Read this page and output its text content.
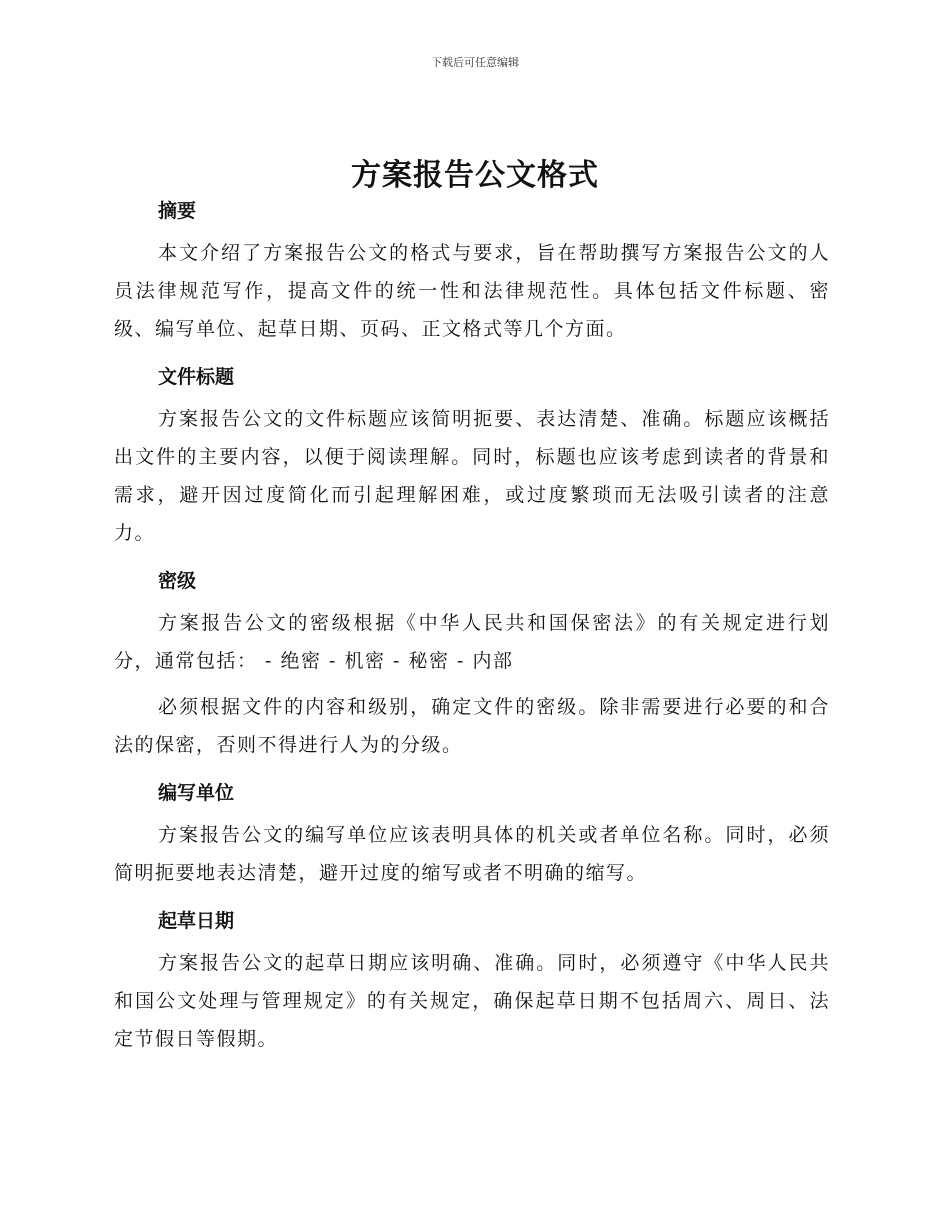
下载后可任意编辑
方案报告公文格式
摘要

本文介绍了方案报告公文的格式与要求，旨在帮助撰写方案报告公文的人员法律规范写作，提高文件的统一性和法律规范性。具体包括文件标题、密级、编写单位、起草日期、页码、正文格式等几个方面。

文件标题

方案报告公文的文件标题应该简明扼要、表达清楚、准确。标题应该概括出文件的主要内容，以便于阅读理解。同时，标题也应该考虑到读者的背景和需求，避开因过度简化而引起理解困难，或过度繁琐而无法吸引读者的注意力。

密级

方案报告公文的密级根据《中华人民共和国保密法》的有关规定进行划分，通常包括： - 绝密 - 机密 - 秘密 - 内部

必须根据文件的内容和级别，确定文件的密级。除非需要进行必要的和合法的保密，否则不得进行人为的分级。

编写单位

方案报告公文的编写单位应该表明具体的机关或者单位名称。同时，必须简明扼要地表达清楚，避开过度的缩写或者不明确的缩写。

起草日期

方案报告公文的起草日期应该明确、准确。同时，必须遵守《中华人民共和国公文处理与管理规定》的有关规定，确保起草日期不包括周六、周日、法定节假日等假期。
